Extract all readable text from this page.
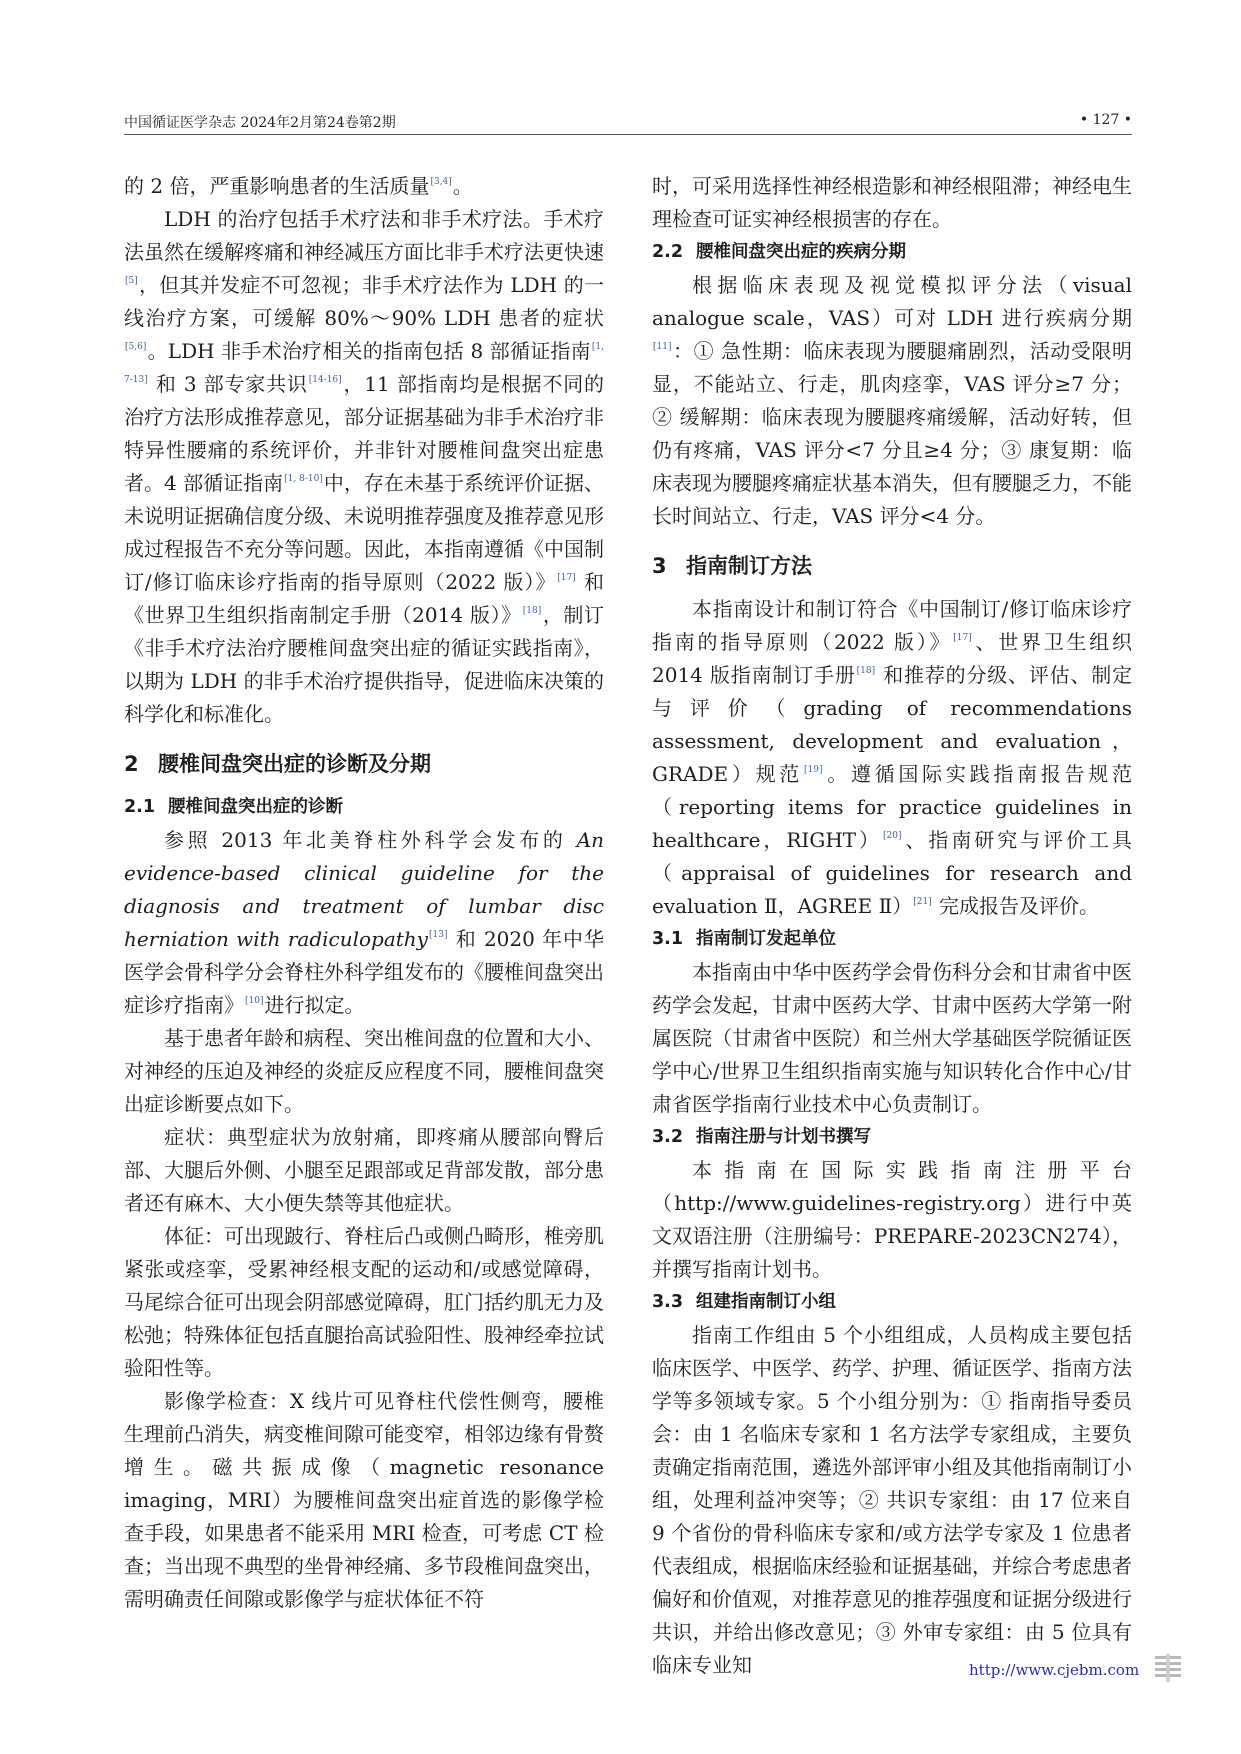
中国循证医学杂志 2024年2月第24卷第2期	• 127 •

的 2 倍，严重影响患者的生活质量[3,4]。

LDH 的治疗包括手术疗法和非手术疗法。手术疗法虽然在缓解疼痛和神经减压方面比非手术疗法更快速[5]，但其并发症不可忽视；非手术疗法作为 LDH 的一线治疗方案，可缓解 80%～90% LDH 患者的症状[5,6]。LDH 非手术治疗相关的指南包括 8 部循证指南[1, 7-13] 和 3 部专家共识[14-16]，11 部指南均是根据不同的治疗方法形成推荐意见，部分证据基础为非手术治疗非特异性腰痛的系统评价，并非针对腰椎间盘突出症患者。4 部循证指南[1, 8-10]中，存在未基于系统评价证据、未说明证据确信度分级、未说明推荐强度及推荐意见形成过程报告不充分等问题。因此，本指南遵循《中国制订/修订临床诊疗指南的指导原则（2022 版）》[17] 和《世界卫生组织指南制定手册（2014 版）》[18]，制订《非手术疗法治疗腰椎间盘突出症的循证实践指南》，以期为 LDH 的非手术治疗提供指导，促进临床决策的科学化和标准化。

2 腰椎间盘突出症的诊断及分期
2.1 腰椎间盘突出症的诊断

参照 2013 年北美脊柱外科学会发布的 An evidence-based clinical guideline for the diagnosis and treatment of lumbar disc herniation with radiculopathy[13] 和 2020 年中华医学会骨科学分会脊柱外科学组发布的《腰椎间盘突出症诊疗指南》[10]进行拟定。

基于患者年龄和病程、突出椎间盘的位置和大小、对神经的压迫及神经的炎症反应程度不同，腰椎间盘突出症诊断要点如下。

症状：典型症状为放射痛，即疼痛从腰部向臀后部、大腿后外侧、小腿至足跟部或足背部发散，部分患者还有麻木、大小便失禁等其他症状。

体征：可出现跛行、脊柱后凸或侧凸畸形，椎旁肌紧张或痉挛，受累神经根支配的运动和/或感觉障碍，马尾综合征可出现会阴部感觉障碍，肛门括约肌无力及松弛；特殊体征包括直腿抬高试验阳性、股神经牵拉试验阳性等。

影像学检查：X 线片可见脊柱代偿性侧弯，腰椎生理前凸消失，病变椎间隙可能变窄，相邻边缘有骨赘增生。磁共振成像（magnetic resonance imaging，MRI）为腰椎间盘突出症首选的影像学检查手段，如果患者不能采用 MRI 检查，可考虑 CT 检查；当出现不典型的坐骨神经痛、多节段椎间盘突出，需明确责任间隙或影像学与症状体征不符

时，可采用选择性神经根造影和神经根阻滞；神经电生理检查可证实神经根损害的存在。

2.2 腰椎间盘突出症的疾病分期

根据临床表现及视觉模拟评分法（visual analogue scale，VAS）可对 LDH 进行疾病分期[11]：① 急性期：临床表现为腰腿痛剧烈，活动受限明显，不能站立、行走，肌肉痉挛，VAS 评分≥7 分；② 缓解期：临床表现为腰腿疼痛缓解，活动好转，但仍有疼痛，VAS 评分<7 分且≥4 分；③ 康复期：临床表现为腰腿疼痛症状基本消失，但有腰腿乏力，不能长时间站立、行走，VAS 评分<4 分。

3 指南制订方法

本指南设计和制订符合《中国制订/修订临床诊疗指南的指导原则（2022 版）》[17]、世界卫生组织 2014 版指南制订手册[18] 和推荐的分级、评估、制定与评价（grading of recommendations assessment, development and evaluation，GRADE）规范[19]。遵循国际实践指南报告规范（reporting items for practice guidelines in healthcare，RIGHT）[20]、指南研究与评价工具（appraisal of guidelines for research and evaluation Ⅱ，AGREE Ⅱ）[21] 完成报告及评价。

3.1 指南制订发起单位

本指南由中华中医药学会骨伤科分会和甘肃省中医药学会发起，甘肃中医药大学、甘肃中医药大学第一附属医院（甘肃省中医院）和兰州大学基础医学院循证医学中心/世界卫生组织指南实施与知识转化合作中心/甘肃省医学指南行业技术中心负责制订。

3.2 指南注册与计划书撰写

本指南在国际实践指南注册平台（http://www.guidelines-registry.org）进行中英文双语注册（注册编号：PREPARE-2023CN274），并撰写指南计划书。

3.3 组建指南制订小组

指南工作组由 5 个小组组成，人员构成主要包括临床医学、中医学、药学、护理、循证医学、指南方法学等多领域专家。5 个小组分别为：① 指南指导委员会：由 1 名临床专家和 1 名方法学专家组成，主要负责确定指南范围，遴选外部评审小组及其他指南制订小组，处理利益冲突等；② 共识专家组：由 17 位来自 9 个省份的骨科临床专家和/或方法学专家及 1 位患者代表组成，根据临床经验和证据基础，并综合考虑患者偏好和价值观，对推荐意见的推荐强度和证据分级进行共识，并给出修改意见；③ 外审专家组：由 5 位具有临床专业知	http://www.cjebm.com
